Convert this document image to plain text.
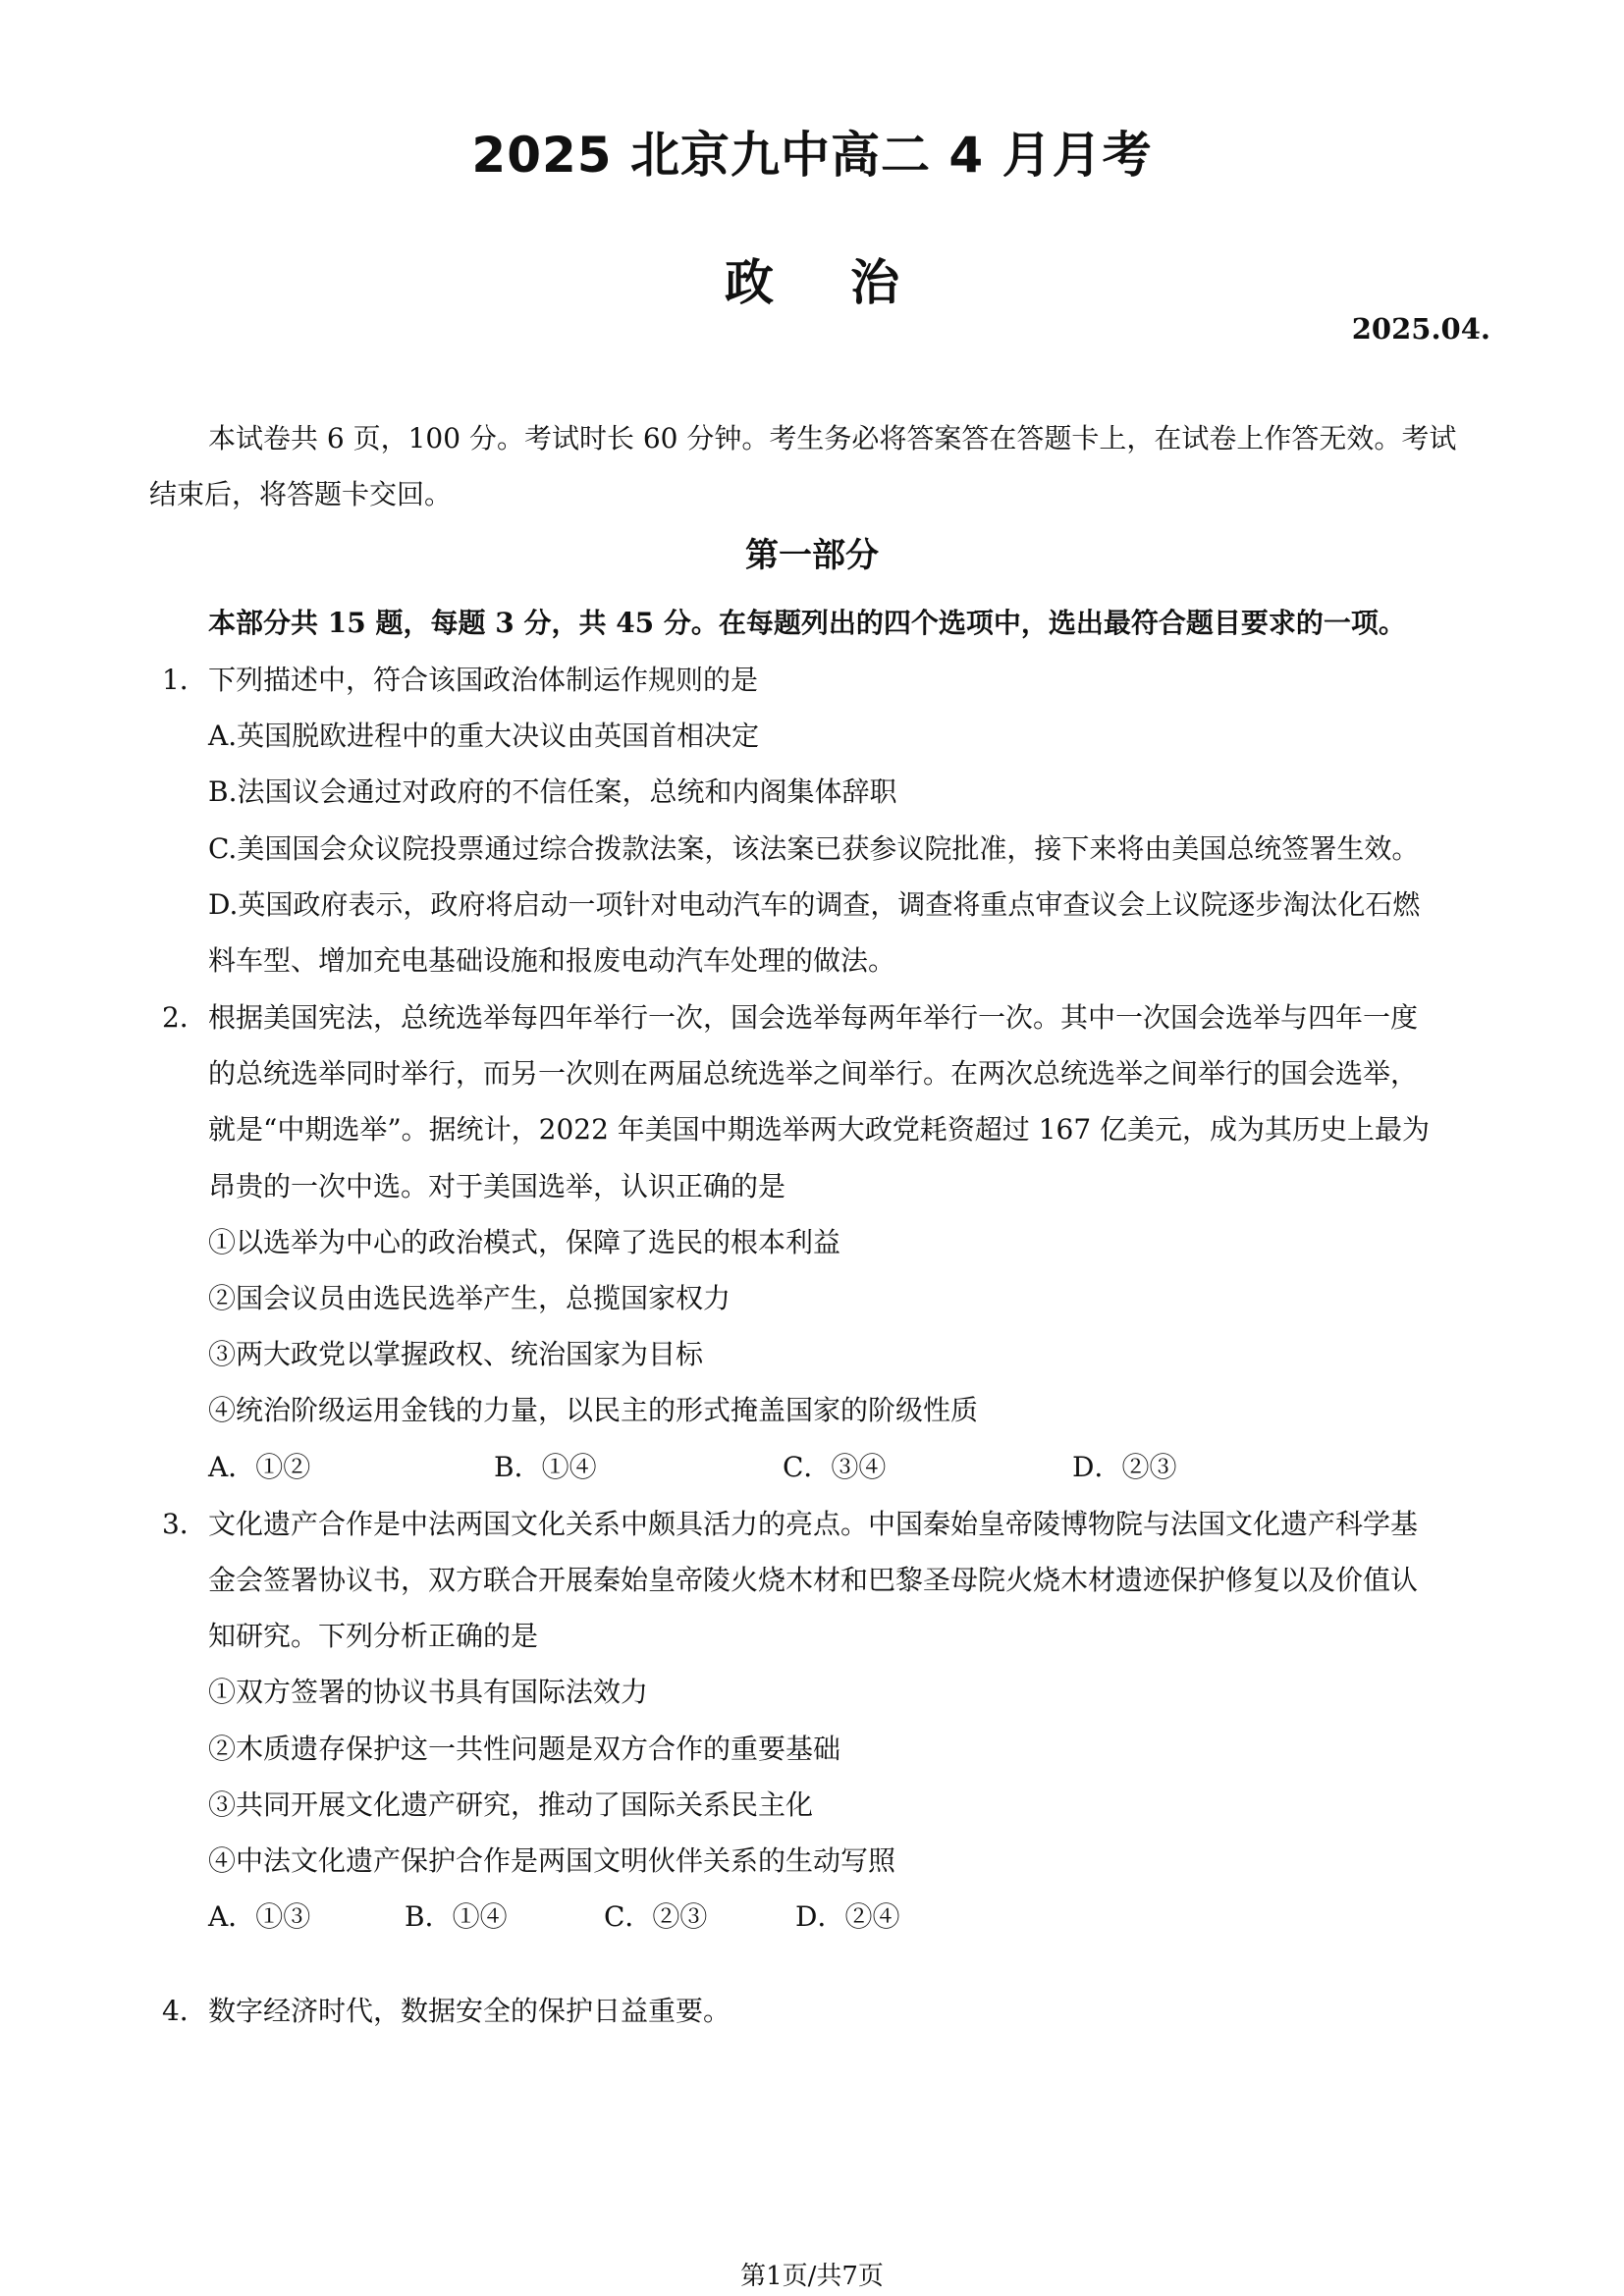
2025 北京九中高二 4 月月考
政治
2025.04.
本试卷共 6 页，100 分。考试时长 60 分钟。考生务必将答案答在答题卡上，在试卷上作答无效。考试
结束后，将答题卡交回。
第一部分
本部分共 15 题，每题 3 分，共 45 分。在每题列出的四个选项中，选出最符合题目要求的一项。
1． 下列描述中，符合该国政治体制运作规则的是
A.英国脱欧进程中的重大决议由英国首相决定
B.法国议会通过对政府的不信任案，总统和内阁集体辞职
C.美国国会众议院投票通过综合拨款法案，该法案已获参议院批准，接下来将由美国总统签署生效。
D.英国政府表示，政府将启动一项针对电动汽车的调查，调查将重点审查议会上议院逐步淘汰化石燃
料车型、增加充电基础设施和报废电动汽车处理的做法。
2． 根据美国宪法，总统选举每四年举行一次，国会选举每两年举行一次。其中一次国会选举与四年一度
的总统选举同时举行，而另一次则在两届总统选举之间举行。在两次总统选举之间举行的国会选举，
就是“中期选举”。据统计，2022 年美国中期选举两大政党耗资超过 167 亿美元，成为其历史上最为
昂贵的一次中选。对于美国选举，认识正确的是
①以选举为中心的政治模式，保障了选民的根本利益
②国会议员由选民选举产生，总揽国家权力
③两大政党以掌握政权、统治国家为目标
④统治阶级运用金钱的力量，以民主的形式掩盖国家的阶级性质
A．①②	B．①④	C．③④	D．②③
3． 文化遗产合作是中法两国文化关系中颇具活力的亮点。中国秦始皇帝陵博物院与法国文化遗产科学基
金会签署协议书，双方联合开展秦始皇帝陵火烧木材和巴黎圣母院火烧木材遗迹保护修复以及价值认
知研究。下列分析正确的是
①双方签署的协议书具有国际法效力
②木质遗存保护这一共性问题是双方合作的重要基础
③共同开展文化遗产研究，推动了国际关系民主化
④中法文化遗产保护合作是两国文明伙伴关系的生动写照
A．①③	B．①④	C．②③	D．②④
4． 数字经济时代，数据安全的保护日益重要。
第1页/共7页
